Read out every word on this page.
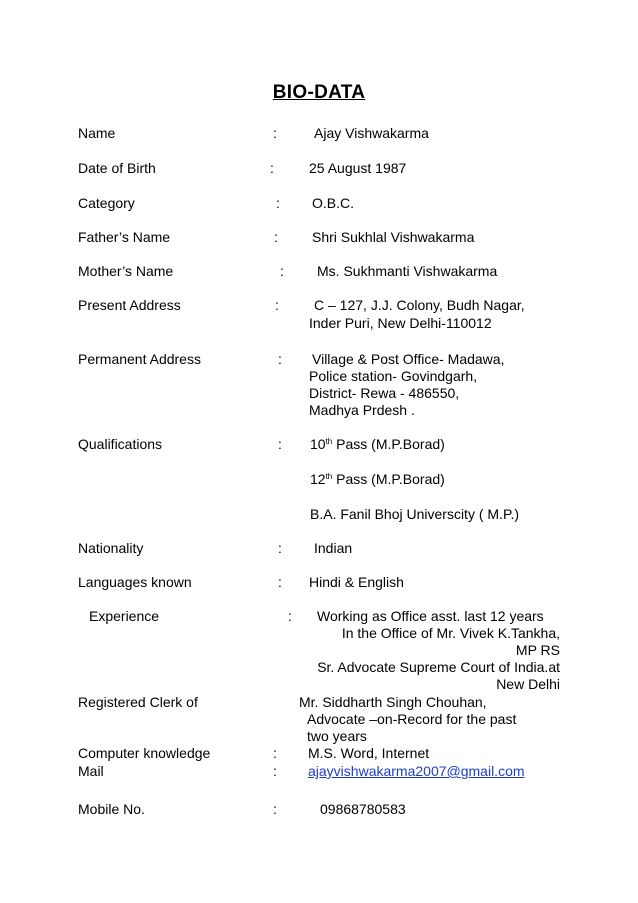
BIO-DATA
Name	:	Ajay Vishwakarma
Date of Birth	:	25 August 1987
Category	: O.B.C.
Father’s Name	: Shri Sukhlal Vishwakarma
Mother’s Name	: Ms. Sukhmanti Vishwakarma
Present Address	:	C – 127, J.J. Colony, Budh Nagar,
Inder Puri, New Delhi-110012
Permanent Address	: Village & Post Office- Madawa,
Police station- Govindgarh,
District- Rewa - 486550,
Madhya Prdesh .
Qualifications	: 10th Pass (M.P.Borad)
12th Pass (M.P.Borad)
B.A. Fanil Bhoj Universcity ( M.P.)
Nationality	: Indian
Languages known	: Hindi & English
Experience	: Working as Office asst. last 12 years
In the Office of Mr. Vivek K.Tankha,
MP RS
Sr. Advocate Supreme Court of India.at
New Delhi
Registered Clerk of	Mr. Siddharth Singh Chouhan,
Advocate –on-Record for the past
two years
Computer knowledge	: M.S. Word, Internet
Mail	: ajayvishwakarma2007@gmail.com
Mobile No.	:	09868780583
